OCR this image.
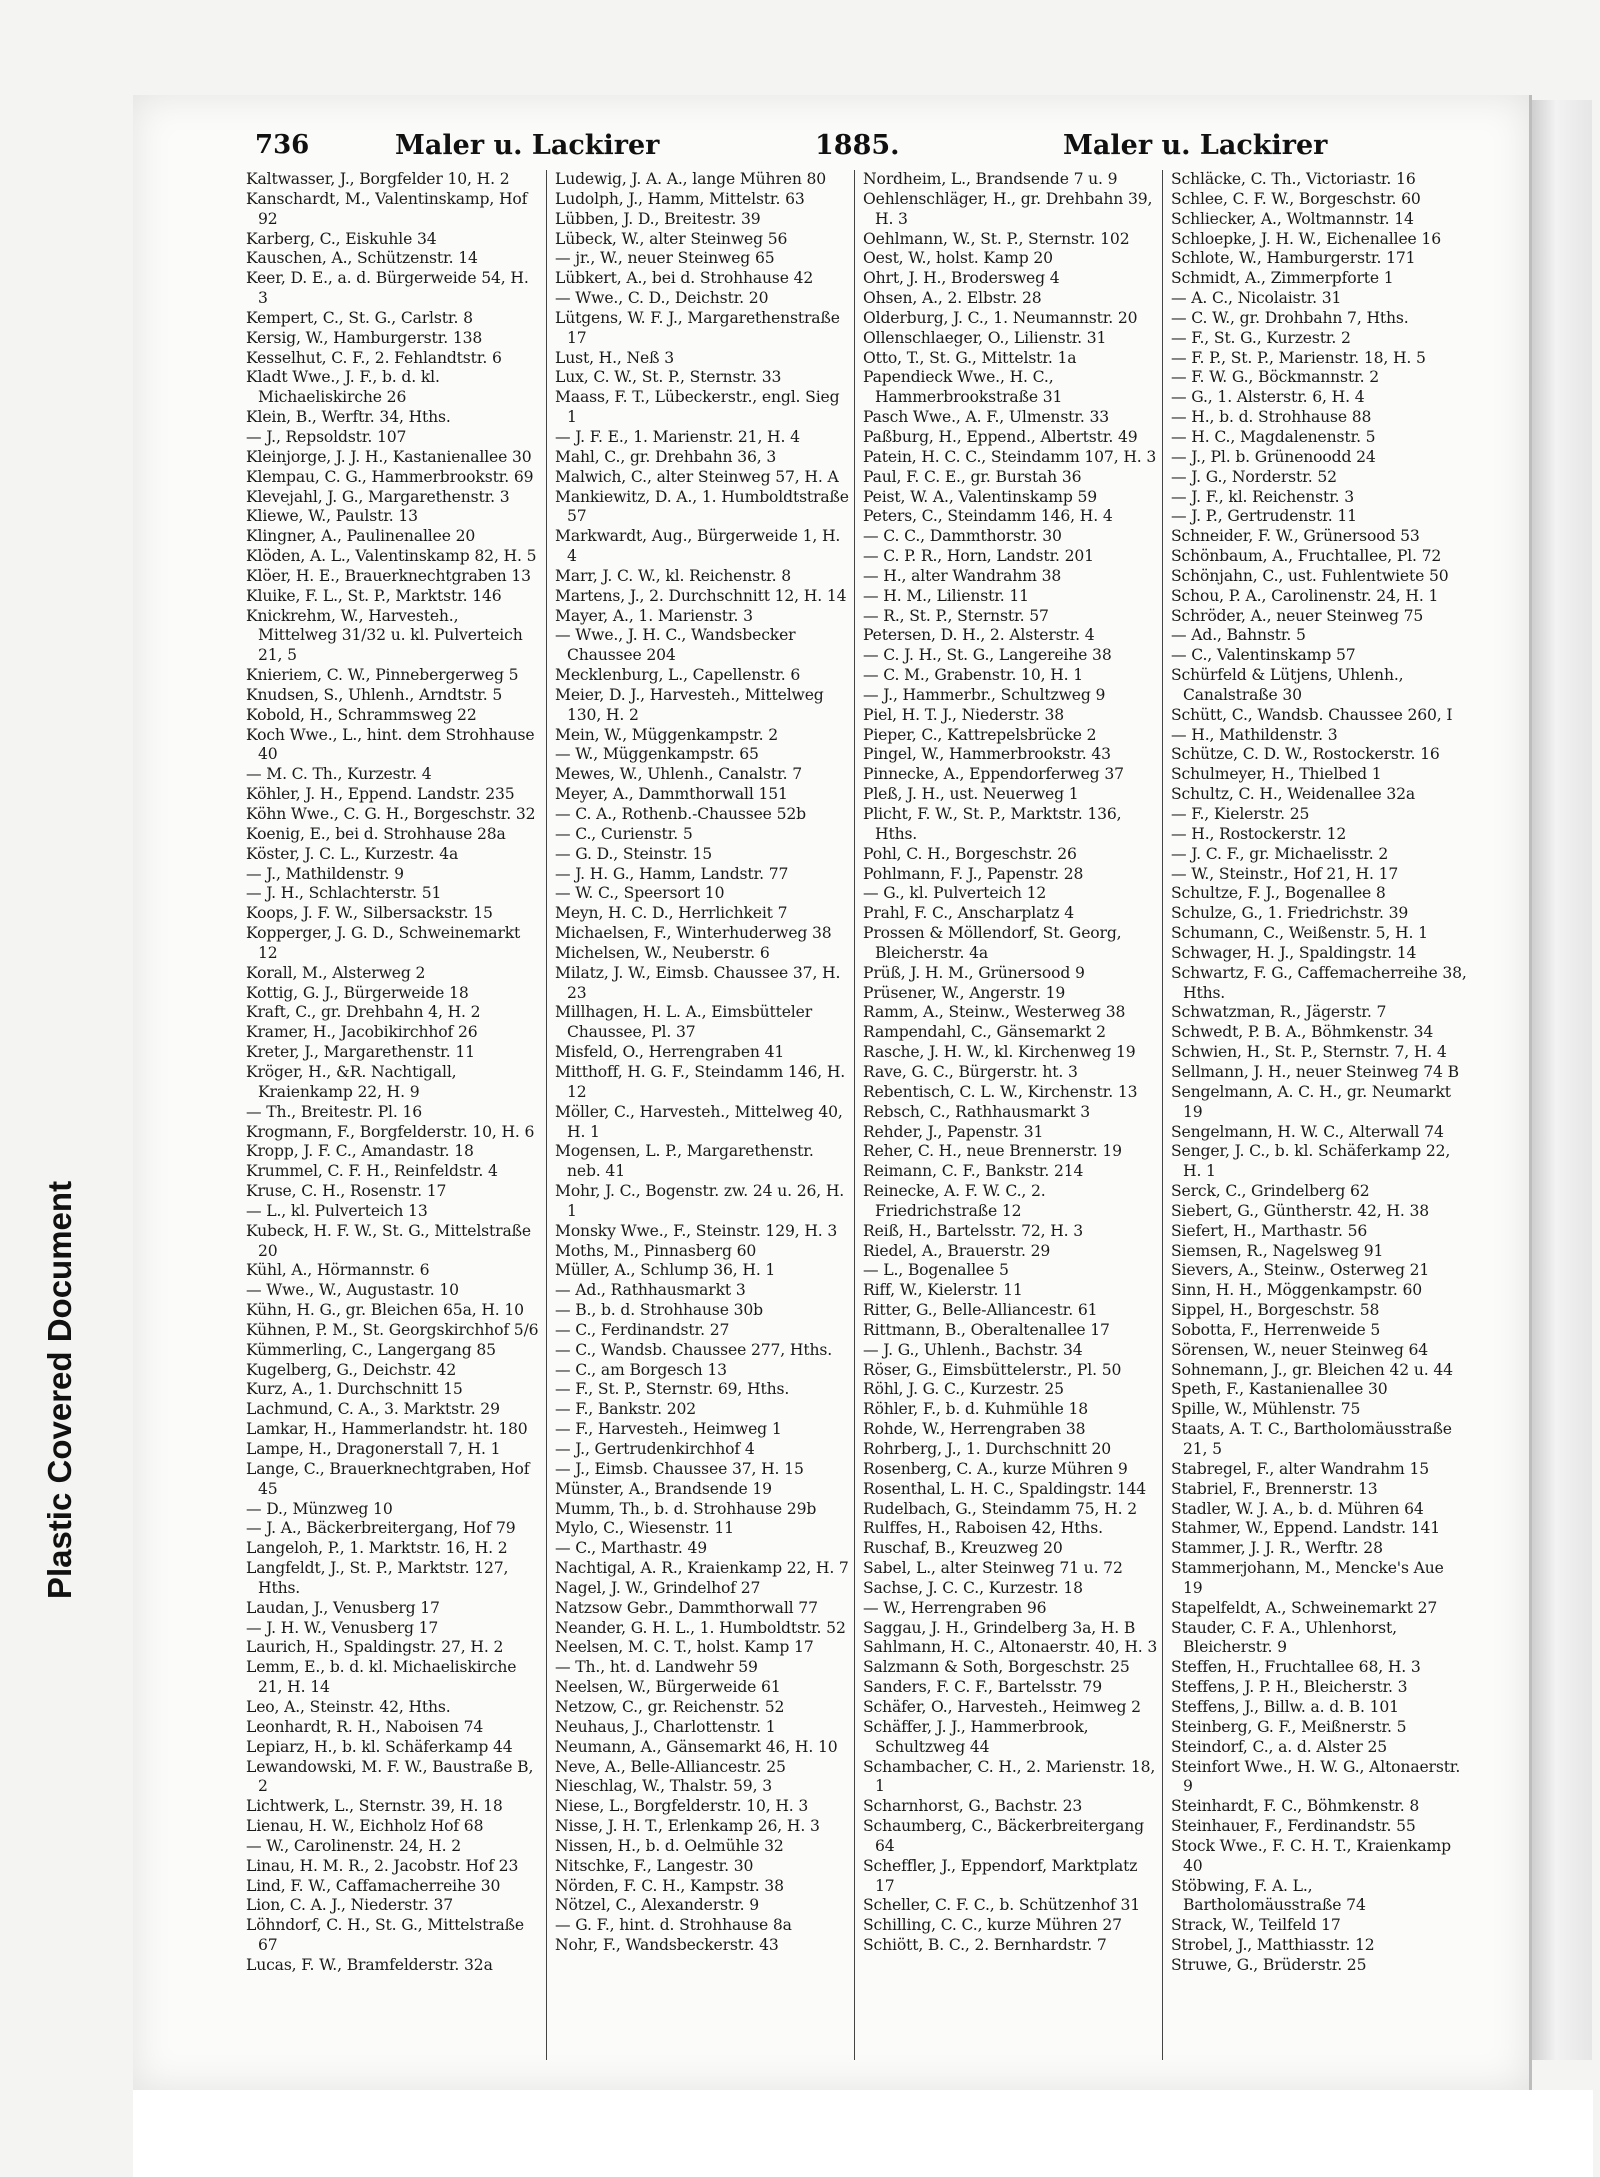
Plastic Covered Document
736	Maler u. Lackirer	1885.	Maler u. Lackirer
Kaltwasser, J., Borgfelder 10, H. 2
Kanschardt, M., Valentinskamp, Hof 92
Karberg, C., Eiskuhle 34
Kauschen, A., Schützenstr. 14
Keer, D. E., a. d. Bürgerweide 54, H. 3
Kempert, C., St. G., Carlstr. 8
Kersig, W., Hamburgerstr. 138
Kesselhut, C. F., 2. Fehlandtstr. 6
Kladt Wwe., J. F., b. d. kl. Michaeliskirche 26
Klein, B., Werftr. 34, Hths.
— J., Repsoldstr. 107
Kleinjorge, J. J. H., Kastanienallee 30
Klempau, C. G., Hammerbrookstr. 69
Klevejahl, J. G., Margarethenstr. 3
Kliewe, W., Paulstr. 13
Klingner, A., Paulinenallee 20
Klöden, A. L., Valentinskamp 82, H. 5
Klöer, H. E., Brauerknechtgraben 13
Kluike, F. L., St. P., Marktstr. 146
Knickrehm, W., Harvesteh., Mittelweg 31/32 u. kl. Pulverteich 21, 5
Knieriem, C. W., Pinnebergerweg 5
Knudsen, S., Uhlenh., Arndtstr. 5
Kobold, H., Schrammsweg 22
Koch Wwe., L., hint. dem Strohhause 40
— M. C. Th., Kurzestr. 4
Köhler, J. H., Eppend. Landstr. 235
Köhn Wwe., C. G. H., Borgeschstr. 32
Koenig, E., bei d. Strohhause 28a
Köster, J. C. L., Kurzestr. 4a
— J., Mathildenstr. 9
— J. H., Schlachterstr. 51
Koops, J. F. W., Silbersackstr. 15
Kopperger, J. G. D., Schweinemarkt 12
Korall, M., Alsterweg 2
Kottig, G. J., Bürgerweide 18
Kraft, C., gr. Drehbahn 4, H. 2
Kramer, H., Jacobikirchhof 26
Kreter, J., Margarethenstr. 11
Kröger, H., &R. Nachtigall, Kraienkamp 22, H. 9
— Th., Breitestr. Pl. 16
Krogmann, F., Borgfelderstr. 10, H. 6
Kropp, J. F. C., Amandastr. 18
Krummel, C. F. H., Reinfeldstr. 4
Kruse, C. H., Rosenstr. 17
— L., kl. Pulverteich 13
Kubeck, H. F. W., St. G., Mittelstraße 20
Kühl, A., Hörmannstr. 6
— Wwe., W., Augustastr. 10
Kühn, H. G., gr. Bleichen 65a, H. 10
Kühnen, P. M., St. Georgskirchhof 5/6
Kümmerling, C., Langergang 85
Kugelberg, G., Deichstr. 42
Kurz, A., 1. Durchschnitt 15
Lachmund, C. A., 3. Marktstr. 29
Lamkar, H., Hammerlandstr. ht. 180
Lampe, H., Dragonerstall 7, H. 1
Lange, C., Brauerknechtgraben, Hof 45
— D., Münzweg 10
— J. A., Bäckerbreitergang, Hof 79
Langeloh, P., 1. Marktstr. 16, H. 2
Langfeldt, J., St. P., Marktstr. 127, Hths.
Laudan, J., Venusberg 17
— J. H. W., Venusberg 17
Laurich, H., Spaldingstr. 27, H. 2
Lemm, E., b. d. kl. Michaeliskirche 21, H. 14
Leo, A., Steinstr. 42, Hths.
Leonhardt, R. H., Naboisen 74
Lepiarz, H., b. kl. Schäferkamp 44
Lewandowski, M. F. W., Baustraße B, 2
Lichtwerk, L., Sternstr. 39, H. 18
Lienau, H. W., Eichholz Hof 68
— W., Carolinenstr. 24, H. 2
Linau, H. M. R., 2. Jacobstr. Hof 23
Lind, F. W., Caffamacherreihe 30
Lion, C. A. J., Niederstr. 37
Löhndorf, C. H., St. G., Mittelstraße 67
Lucas, F. W., Bramfelderstr. 32a
Ludewig, J. A. A., lange Mühren 80
Ludolph, J., Hamm, Mittelstr. 63
Lübben, J. D., Breitestr. 39
Lübeck, W., alter Steinweg 56
— jr., W., neuer Steinweg 65
Lübkert, A., bei d. Strohhause 42
— Wwe., C. D., Deichstr. 20
Lütgens, W. F. J., Margarethenstraße 17
Lust, H., Neß 3
Lux, C. W., St. P., Sternstr. 33
Maass, F. T., Lübeckerstr., engl. Sieg 1
— J. F. E., 1. Marienstr. 21, H. 4
Mahl, C., gr. Drehbahn 36, 3
Malwich, C., alter Steinweg 57, H. A
Mankiewitz, D. A., 1. Humboldtstraße 57
Markwardt, Aug., Bürgerweide 1, H. 4
Marr, J. C. W., kl. Reichenstr. 8
Martens, J., 2. Durchschnitt 12, H. 14
Mayer, A., 1. Marienstr. 3
— Wwe., J. H. C., Wandsbecker Chaussee 204
Mecklenburg, L., Capellenstr. 6
Meier, D. J., Harvesteh., Mittelweg 130, H. 2
Mein, W., Müggenkampstr. 2
— W., Müggenkampstr. 65
Mewes, W., Uhlenh., Canalstr. 7
Meyer, A., Dammthorwall 151
— C. A., Rothenb.-Chaussee 52b
— C., Curienstr. 5
— G. D., Steinstr. 15
— J. H. G., Hamm, Landstr. 77
— W. C., Speersort 10
Meyn, H. C. D., Herrlichkeit 7
Michaelsen, F., Winterhuderweg 38
Michelsen, W., Neuberstr. 6
Milatz, J. W., Eimsb. Chaussee 37, H. 23
Millhagen, H. L. A., Eimsbütteler Chaussee, Pl. 37
Misfeld, O., Herrengraben 41
Mitthoff, H. G. F., Steindamm 146, H. 12
Möller, C., Harvesteh., Mittelweg 40, H. 1
Mogensen, L. P., Margarethenstr. neb. 41
Mohr, J. C., Bogenstr. zw. 24 u. 26, H. 1
Monsky Wwe., F., Steinstr. 129, H. 3
Moths, M., Pinnasberg 60
Müller, A., Schlump 36, H. 1
— Ad., Rathhausmarkt 3
— B., b. d. Strohhause 30b
— C., Ferdinandstr. 27
— C., Wandsb. Chaussee 277, Hths.
— C., am Borgesch 13
— F., St. P., Sternstr. 69, Hths.
— F., Bankstr. 202
— F., Harvesteh., Heimweg 1
— J., Gertrudenkirchhof 4
— J., Eimsb. Chaussee 37, H. 15
Münster, A., Brandsende 19
Mumm, Th., b. d. Strohhause 29b
Mylo, C., Wiesenstr. 11
— C., Marthastr. 49
Nachtigal, A. R., Kraienkamp 22, H. 7
Nagel, J. W., Grindelhof 27
Natzsow Gebr., Dammthorwall 77
Neander, G. H. L., 1. Humboldtstr. 52
Neelsen, M. C. T., holst. Kamp 17
— Th., ht. d. Landwehr 59
Neelsen, W., Bürgerweide 61
Netzow, C., gr. Reichenstr. 52
Neuhaus, J., Charlottenstr. 1
Neumann, A., Gänsemarkt 46, H. 10
Neve, A., Belle-Alliancestr. 25
Nieschlag, W., Thalstr. 59, 3
Niese, L., Borgfelderstr. 10, H. 3
Nisse, J. H. T., Erlenkamp 26, H. 3
Nissen, H., b. d. Oelmühle 32
Nitschke, F., Langestr. 30
Nörden, F. C. H., Kampstr. 38
Nötzel, C., Alexanderstr. 9
— G. F., hint. d. Strohhause 8a
Nohr, F., Wandsbeckerstr. 43
Nordheim, L., Brandsende 7 u. 9
Oehlenschläger, H., gr. Drehbahn 39, H. 3
Oehlmann, W., St. P., Sternstr. 102
Oest, W., holst. Kamp 20
Ohrt, J. H., Brodersweg 4
Ohsen, A., 2. Elbstr. 28
Olderburg, J. C., 1. Neumannstr. 20
Ollenschlaeger, O., Lilienstr. 31
Otto, T., St. G., Mittelstr. 1a
Papendieck Wwe., H. C., Hammerbrookstraße 31
Pasch Wwe., A. F., Ulmenstr. 33
Paßburg, H., Eppend., Albertstr. 49
Patein, H. C. C., Steindamm 107, H. 3
Paul, F. C. E., gr. Burstah 36
Peist, W. A., Valentinskamp 59
Peters, C., Steindamm 146, H. 4
— C. C., Dammthorstr. 30
— C. P. R., Horn, Landstr. 201
— H., alter Wandrahm 38
— H. M., Lilienstr. 11
— R., St. P., Sternstr. 57
Petersen, D. H., 2. Alsterstr. 4
— C. J. H., St. G., Langereihe 38
— C. M., Grabenstr. 10, H. 1
— J., Hammerbr., Schultzweg 9
Piel, H. T. J., Niederstr. 38
Pieper, C., Kattrepelsbrücke 2
Pingel, W., Hammerbrookstr. 43
Pinnecke, A., Eppendorferweg 37
Pleß, J. H., ust. Neuerweg 1
Plicht, F. W., St. P., Marktstr. 136, Hths.
Pohl, C. H., Borgeschstr. 26
Pohlmann, F. J., Papenstr. 28
— G., kl. Pulverteich 12
Prahl, F. C., Anscharplatz 4
Prossen & Möllendorf, St. Georg, Bleicherstr. 4a
Prüß, J. H. M., Grünersood 9
Prüsener, W., Angerstr. 19
Ramm, A., Steinw., Westerweg 38
Rampendahl, C., Gänsemarkt 2
Rasche, J. H. W., kl. Kirchenweg 19
Rave, G. C., Bürgerstr. ht. 3
Rebentisch, C. L. W., Kirchenstr. 13
Rebsch, C., Rathhausmarkt 3
Rehder, J., Papenstr. 31
Reher, C. H., neue Brennerstr. 19
Reimann, C. F., Bankstr. 214
Reinecke, A. F. W. C., 2. Friedrichstraße 12
Reiß, H., Bartelsstr. 72, H. 3
Riedel, A., Brauerstr. 29
— L., Bogenallee 5
Riff, W., Kielerstr. 11
Ritter, G., Belle-Alliancestr. 61
Rittmann, B., Oberaltenallee 17
— J. G., Uhlenh., Bachstr. 34
Röser, G., Eimsbüttelerstr., Pl. 50
Röhl, J. G. C., Kurzestr. 25
Röhler, F., b. d. Kuhmühle 18
Rohde, W., Herrengraben 38
Rohrberg, J., 1. Durchschnitt 20
Rosenberg, C. A., kurze Mühren 9
Rosenthal, L. H. C., Spaldingstr. 144
Rudelbach, G., Steindamm 75, H. 2
Rulffes, H., Raboisen 42, Hths.
Ruschaf, B., Kreuzweg 20
Sabel, L., alter Steinweg 71 u. 72
Sachse, J. C. C., Kurzestr. 18
— W., Herrengraben 96
Saggau, J. H., Grindelberg 3a, H. B
Sahlmann, H. C., Altonaerstr. 40, H. 3
Salzmann & Soth, Borgeschstr. 25
Sanders, F. C. F., Bartelsstr. 79
Schäfer, O., Harvesteh., Heimweg 2
Schäffer, J. J., Hammerbrook, Schultzweg 44
Schambacher, C. H., 2. Marienstr. 18, 1
Scharnhorst, G., Bachstr. 23
Schaumberg, C., Bäckerbreitergang 64
Scheffler, J., Eppendorf, Marktplatz 17
Scheller, C. F. C., b. Schützenhof 31
Schilling, C. C., kurze Mühren 27
Schiött, B. C., 2. Bernhardstr. 7
Schläcke, C. Th., Victoriastr. 16
Schlee, C. F. W., Borgeschstr. 60
Schliecker, A., Woltmannstr. 14
Schloepke, J. H. W., Eichenallee 16
Schlote, W., Hamburgerstr. 171
Schmidt, A., Zimmerpforte 1
— A. C., Nicolaistr. 31
— C. W., gr. Drohbahn 7, Hths.
— F., St. G., Kurzestr. 2
— F. P., St. P., Marienstr. 18, H. 5
— F. W. G., Böckmannstr. 2
— G., 1. Alsterstr. 6, H. 4
— H., b. d. Strohhause 88
— H. C., Magdalenenstr. 5
— J., Pl. b. Grünenoodd 24
— J. G., Norderstr. 52
— J. F., kl. Reichenstr. 3
— J. P., Gertrudenstr. 11
Schneider, F. W., Grünersood 53
Schönbaum, A., Fruchtallee, Pl. 72
Schönjahn, C., ust. Fuhlentwiete 50
Schou, P. A., Carolinenstr. 24, H. 1
Schröder, A., neuer Steinweg 75
— Ad., Bahnstr. 5
— C., Valentinskamp 57
Schürfeld & Lütjens, Uhlenh., Canalstraße 30
Schütt, C., Wandsb. Chaussee 260, I
— H., Mathildenstr. 3
Schütze, C. D. W., Rostockerstr. 16
Schulmeyer, H., Thielbed 1
Schultz, C. H., Weidenallee 32a
— F., Kielerstr. 25
— H., Rostockerstr. 12
— J. C. F., gr. Michaelisstr. 2
— W., Steinstr., Hof 21, H. 17
Schultze, F. J., Bogenallee 8
Schulze, G., 1. Friedrichstr. 39
Schumann, C., Weißenstr. 5, H. 1
Schwager, H. J., Spaldingstr. 14
Schwartz, F. G., Caffemacherreihe 38, Hths.
Schwatzman, R., Jägerstr. 7
Schwedt, P. B. A., Böhmkenstr. 34
Schwien, H., St. P., Sternstr. 7, H. 4
Sellmann, J. H., neuer Steinweg 74 B
Sengelmann, A. C. H., gr. Neumarkt 19
Sengelmann, H. W. C., Alterwall 74
Senger, J. C., b. kl. Schäferkamp 22, H. 1
Serck, C., Grindelberg 62
Siebert, G., Güntherstr. 42, H. 38
Siefert, H., Marthastr. 56
Siemsen, R., Nagelsweg 91
Sievers, A., Steinw., Osterweg 21
Sinn, H. H., Möggenkampstr. 60
Sippel, H., Borgeschstr. 58
Sobotta, F., Herrenweide 5
Sörensen, W., neuer Steinweg 64
Sohnemann, J., gr. Bleichen 42 u. 44
Speth, F., Kastanienallee 30
Spille, W., Mühlenstr. 75
Staats, A. T. C., Bartholomäusstraße 21, 5
Stabregel, F., alter Wandrahm 15
Stabriel, F., Brennerstr. 13
Stadler, W. J. A., b. d. Mühren 64
Stahmer, W., Eppend. Landstr. 141
Stammer, J. J. R., Werftr. 28
Stammerjohann, M., Mencke's Aue 19
Stapelfeldt, A., Schweinemarkt 27
Stauder, C. F. A., Uhlenhorst, Bleicherstr. 9
Steffen, H., Fruchtallee 68, H. 3
Steffens, J. P. H., Bleicherstr. 3
Steffens, J., Billw. a. d. B. 101
Steinberg, G. F., Meißnerstr. 5
Steindorf, C., a. d. Alster 25
Steinfort Wwe., H. W. G., Altonaerstr. 9
Steinhardt, F. C., Böhmkenstr. 8
Steinhauer, F., Ferdinandstr. 55
Stock Wwe., F. C. H. T., Kraienkamp 40
Stöbwing, F. A. L., Bartholomäusstraße 74
Strack, W., Teilfeld 17
Strobel, J., Matthiasstr. 12
Struwe, G., Brüderstr. 25
